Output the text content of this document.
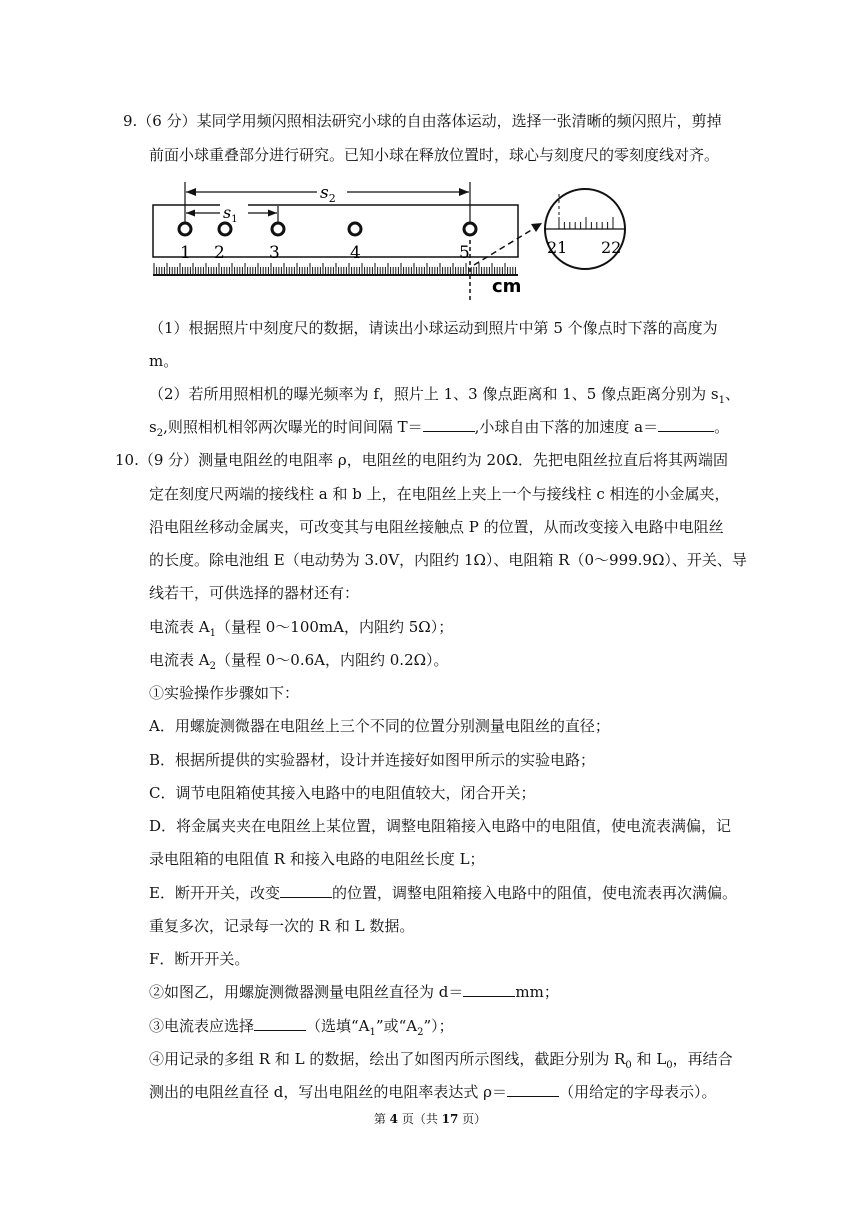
9.（6 分）某同学用频闪照相法研究小球的自由落体运动，选择一张清晰的频闪照片，剪掉
前面小球重叠部分进行研究。已知小球在释放位置时，球心与刻度尺的零刻度线对齐。
$s_2$
$s_1$
1 2	3	4	5
cm
21 22
（1）根据照片中刻度尺的数据，请读出小球运动到照片中第 5 个像点时下落的高度为
m。
（2）若所用照相机的曝光频率为 f，照片上 1、3 像点距离和 1、5 像点距离分别为 $s_1$、
$s_2$,则照相机相邻两次曝光的时间间隔 T＝	,小球自由下落的加速度 a＝	。
10.（9 分）测量电阻丝的电阻率 ρ，电阻丝的电阻约为 20Ω．先把电阻丝拉直后将其两端固
定在刻度尺两端的接线柱 a 和 b 上，在电阻丝上夹上一个与接线柱 c 相连的小金属夹，
沿电阻丝移动金属夹，可改变其与电阻丝接触点 P 的位置，从而改变接入电路中电阻丝
的长度。除电池组 E（电动势为 3.0V，内阻约 1Ω）、电阻箱 R（0～999.9Ω）、开关、导
线若干，可供选择的器材还有：
电流表 $A_1$（量程 0～100mA，内阻约 5Ω）；
电流表 $A_2$（量程 0～0.6A，内阻约 0.2Ω）。
①实验操作步骤如下：
A．用螺旋测微器在电阻丝上三个不同的位置分别测量电阻丝的直径；
B．根据所提供的实验器材，设计并连接好如图甲所示的实验电路；
C．调节电阻箱使其接入电路中的电阻值较大，闭合开关；
D．将金属夹夹在电阻丝上某位置，调整电阻箱接入电路中的电阻值，使电流表满偏，记
录电阻箱的电阻值 R 和接入电路的电阻丝长度 L；
E．断开开关，改变	的位置，调整电阻箱接入电路中的阻值，使电流表再次满偏。
重复多次，记录每一次的 R 和 L 数据。
F．断开开关。
②如图乙，用螺旋测微器测量电阻丝直径为 d＝	mm；
③电流表应选择	（选填“$A_1$”或“$A_2$”）；
④用记录的多组 R 和 L 的数据，绘出了如图丙所示图线，截距分别为 $R_0$ 和 $L_0$，再结合
测出的电阻丝直径 d，写出电阻丝的电阻率表达式 ρ＝	（用给定的字母表示）。
第 4 页（共 17 页）
